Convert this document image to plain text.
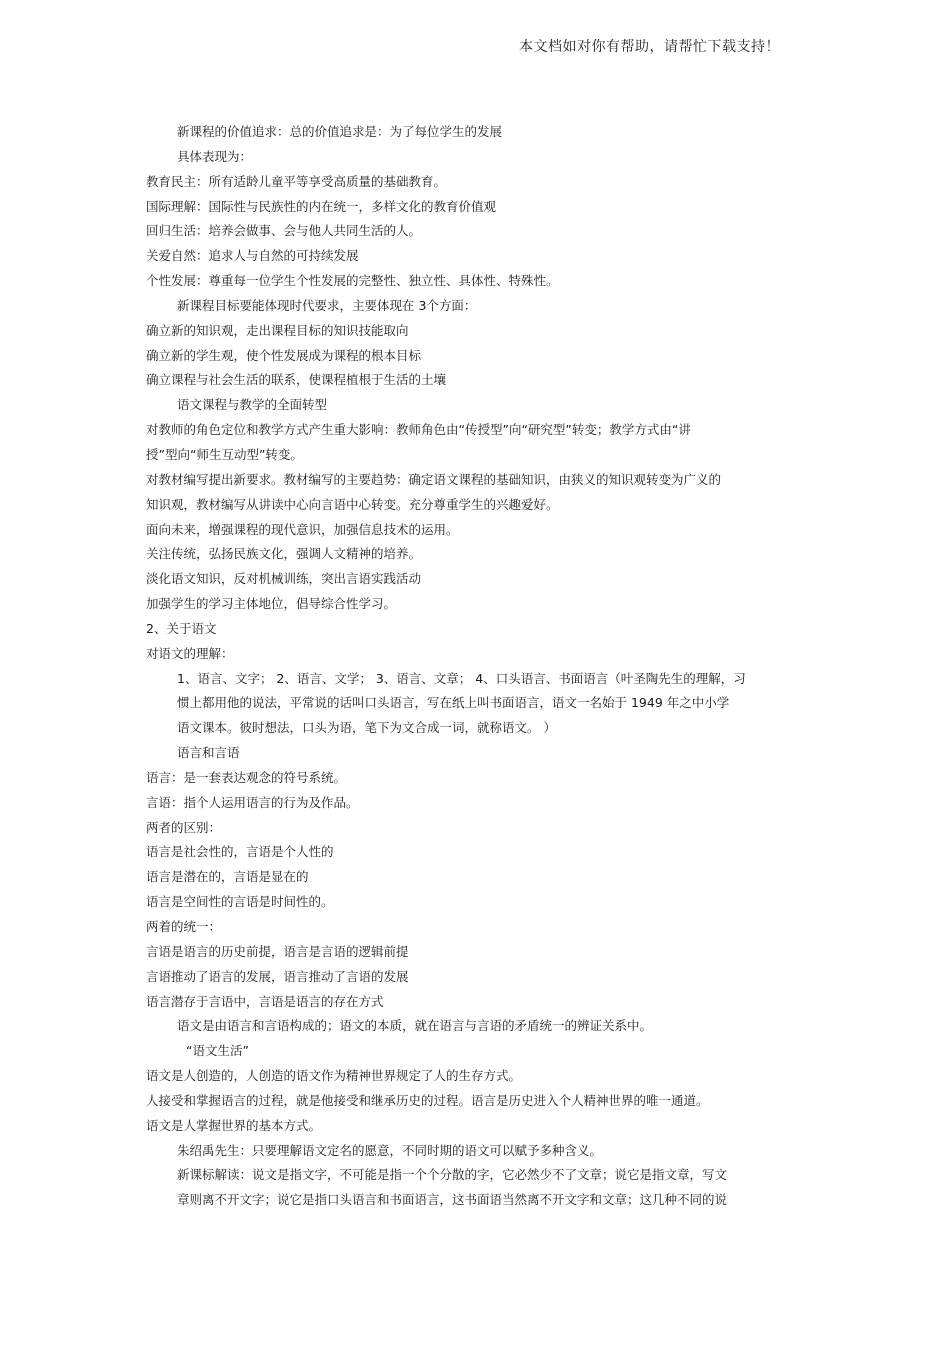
本文档如对你有帮助，请帮忙下载支持！
新课程的价值追求：总的价值追求是：为了每位学生的发展
具体表现为：
教育民主：所有适龄儿童平等享受高质量的基础教育。
国际理解：国际性与民族性的内在统一，多样文化的教育价值观
回归生活：培养会做事、会与他人共同生活的人。
关爱自然：追求人与自然的可持续发展
个性发展：尊重每一位学生个性发展的完整性、独立性、具体性、特殊性。
新课程目标要能体现时代要求，主要体现在 3个方面：
确立新的知识观，走出课程目标的知识技能取向
确立新的学生观，使个性发展成为课程的根本目标
确立课程与社会生活的联系，使课程植根于生活的土壤
语文课程与教学的全面转型
对教师的角色定位和教学方式产生重大影响：教师角色由“传授型”向“研究型”转变；教学方式由“讲
授”型向“师生互动型”转变。
对教材编写提出新要求。教材编写的主要趋势：确定语文课程的基础知识，由狭义的知识观转变为广义的
知识观，教材编写从讲读中心向言语中心转变。充分尊重学生的兴趣爱好。
面向未来，增强课程的现代意识，加强信息技术的运用。
关注传统，弘扬民族文化，强调人文精神的培养。
淡化语文知识，反对机械训练，突出言语实践活动
加强学生的学习主体地位，倡导综合性学习。
2、关于语文
对语文的理解：
1、语言、文字； 2、语言、文学； 3、语言、文章； 4、口头语言、书面语言（叶圣陶先生的理解，习
惯上都用他的说法，平常说的话叫口头语言，写在纸上叫书面语言，语文一名始于 1949 年之中小学
语文课本。彼时想法，口头为语，笔下为文合成一词，就称语文。 ）
语言和言语
语言：是一套表达观念的符号系统。
言语：指个人运用语言的行为及作品。
两者的区别：
语言是社会性的，言语是个人性的
语言是潜在的，言语是显在的
语言是空间性的言语是时间性的。
两着的统一：
言语是语言的历史前提，语言是言语的逻辑前提
言语推动了语言的发展，语言推动了言语的发展
语言潜存于言语中，言语是语言的存在方式
语文是由语言和言语构成的；语文的本质，就在语言与言语的矛盾统一的辨证关系中。
“语文生活”
语文是人创造的，人创造的语文作为精神世界规定了人的生存方式。
人接受和掌握语言的过程，就是他接受和继承历史的过程。语言是历史进入个人精神世界的唯一通道。
语文是人掌握世界的基本方式。
朱绍禹先生：只要理解语文定名的愿意，不同时期的语文可以赋予多种含义。
新课标解读：说文是指文字，不可能是指一个个分散的字，它必然少不了文章；说它是指文章，写文
章则离不开文字；说它是指口头语言和书面语言，这书面语当然离不开文字和文章；这几种不同的说
